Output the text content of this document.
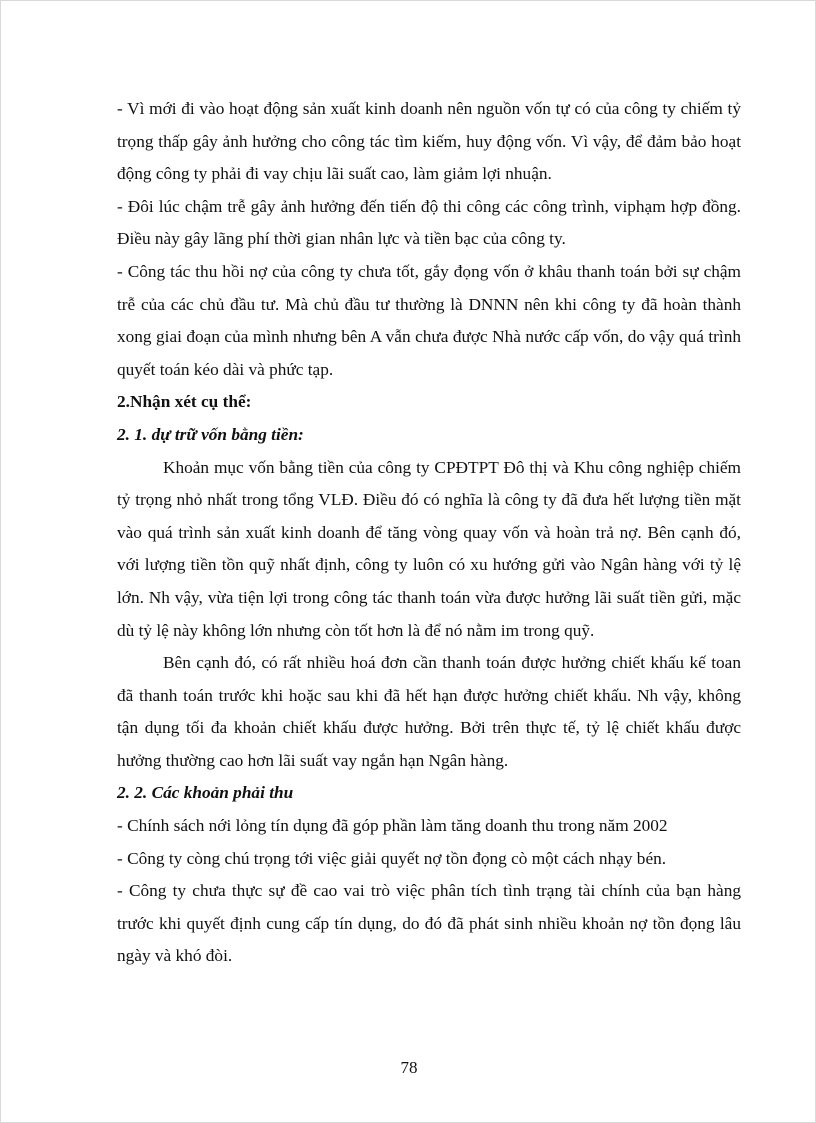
- Vì mới đi vào hoạt động sản xuất kinh doanh nên nguồn vốn tự có của công ty chiếm tỷ trọng thấp gây ảnh hưởng cho công tác tìm kiếm, huy động vốn. Vì vậy, để đảm bảo hoạt động công ty phải đi vay chịu lãi suất cao, làm giảm lợi nhuận.

- Đôi lúc chậm trễ gây ảnh hưởng đến tiến độ thi công các công trình, viphạm hợp đồng. Điều này gây lãng phí thời gian nhân lực và tiền bạc của công ty.

- Công tác thu hồi nợ của công ty chưa tốt, gắy đọng vốn ở khâu thanh toán bởi sự chậm trễ của các chủ đầu tư. Mà chủ đầu tư thường là DNNN nên khi công ty đã hoàn thành xong giai đoạn của mình nhưng bên A vẫn chưa được Nhà nước cấp vốn, do vậy quá trình quyết toán kéo dài và phức tạp.

2.Nhận xét cụ thể:

2. 1. dự trữ vốn bằng tiền:

Khoản mục vốn bằng tiền của công ty CPĐTPT Đô thị và Khu công nghiệp chiếm tỷ trọng nhỏ nhất trong tổng VLĐ. Điều đó có nghĩa là công ty đã đưa hết lượng tiền mặt vào quá trình sản xuất kinh doanh để tăng vòng quay vốn và hoàn trả nợ. Bên cạnh đó, với lượng tiền tồn quỹ nhất định, công ty luôn có xu hướng gửi vào Ngân hàng với tỷ lệ lớn. Nh vậy, vừa tiện lợi trong công tác thanh toán vừa được hưởng lãi suất tiền gửi, mặc dù tỷ lệ này không lớn nhưng còn tốt hơn là để nó nằm im trong quỹ.

Bên cạnh đó, có rất nhiều hoá đơn cần thanh toán được hưởng chiết khấu kế toan đã thanh toán trước khi hoặc sau khi đã hết hạn được hưởng chiết khấu. Nh vậy, không tận dụng tối đa khoản chiết khấu được hưởng. Bởi trên thực tế, tỷ lệ chiết khấu được hưởng thường cao hơn lãi suất vay ngắn hạn Ngân hàng.

2. 2. Các khoản phải thu

- Chính sách nới lỏng tín dụng đã góp phần làm tăng doanh thu trong năm 2002

- Công ty còng chú trọng tới việc giải quyết nợ tồn đọng cò một cách nhạy bén.

- Công ty chưa thực sự đề cao vai trò việc phân tích tình trạng tài chính của bạn hàng trước khi quyết định cung cấp tín dụng, do đó đã phát sinh nhiều khoản nợ tồn đọng lâu ngày và khó đòi.

78
